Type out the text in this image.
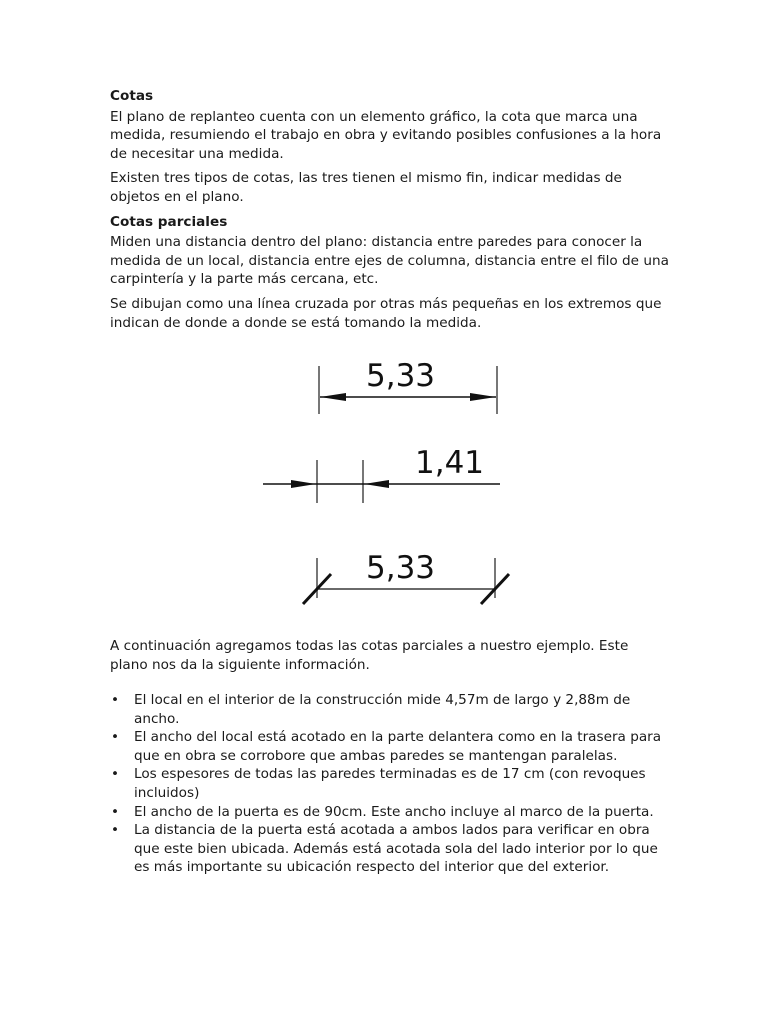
Cotas

El plano de replanteo cuenta con un elemento gráfico, la cota que marca una medida, resumiendo el trabajo en obra y evitando posibles confusiones a la hora de necesitar una medida.

Existen tres tipos de cotas, las tres tienen el mismo fin, indicar medidas de objetos en el plano.

Cotas parciales

Miden una distancia dentro del plano: distancia entre paredes para conocer la medida de un local, distancia entre ejes de columna, distancia entre el filo de una carpintería y la parte más cercana, etc.

Se dibujan como una línea cruzada por otras más pequeñas en los extremos que indican de donde a donde se está tomando la medida.

5,33
1,41
5,33

A continuación agregamos todas las cotas parciales a nuestro ejemplo. Este plano nos da la siguiente información.

• El local en el interior de la construcción mide 4,57m de largo y 2,88m de ancho.
• El ancho del local está acotado en la parte delantera como en la trasera para que en obra se corrobore que ambas paredes se mantengan paralelas.
• Los espesores de todas las paredes terminadas es de 17 cm (con revoques incluidos)
• El ancho de la puerta es de 90cm. Este ancho incluye al marco de la puerta.
• La distancia de la puerta está acotada a ambos lados para verificar en obra que este bien ubicada. Además está acotada sola del lado interior por lo que es más importante su ubicación respecto del interior que del exterior.
